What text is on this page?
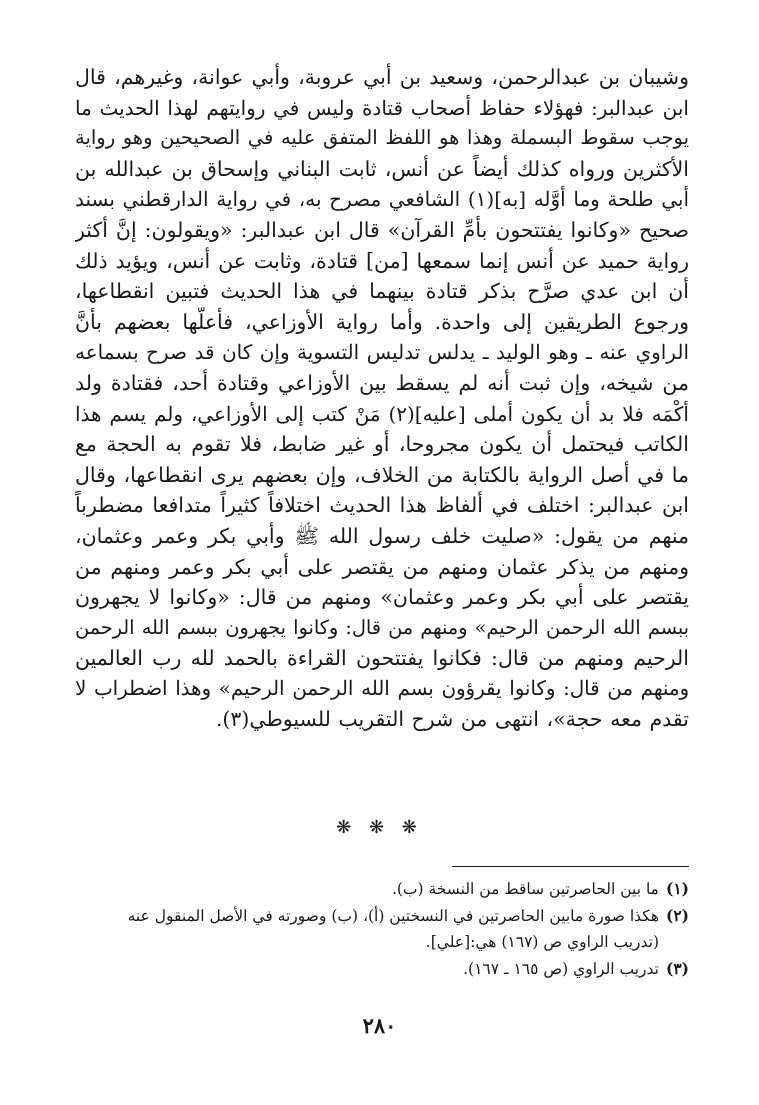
وشيبان بن عبدالرحمن، وسعيد بن أبي عروبة، وأبي عوانة، وغيرهم، قال
ابن عبدالبر: فهؤلاء حفاظ أصحاب قتادة وليس في روايتهم لهذا الحديث ما
يوجب سقوط البسملة وهذا هو اللفظ المتفق عليه في الصحيحين وهو رواية
الأكثرين ورواه كذلك أيضاً عن أنس، ثابت البناني وإسحاق بن عبدالله بن
أبي طلحة وما أوَّله [به](١) الشافعي مصرح به، في رواية الدارقطني بسند
صحيح «وكانوا يفتتحون بأمِّ القرآن» قال ابن عبدالبر: «ويقولون: إنَّ أكثر
رواية حميد عن أنس إنما سمعها [من] قتادة، وثابت عن أنس، ويؤيد ذلك
أن ابن عدي صرَّح بذكر قتادة بينهما في هذا الحديث فتبين انقطاعها،
ورجوع الطريقين إلى واحدة. وأما رواية الأوزاعي، فأعلَّها بعضهم بأنَّ
الراوي عنه ـ وهو الوليد ـ يدلس تدليس التسوية وإن كان قد صرح بسماعه
من شيخه، وإن ثبت أنه لم يسقط بين الأوزاعي وقتادة أحد، فقتادة ولد
أكْمَه فلا بد أن يكون أملى [عليه](٢) مَنْ كتب إلى الأوزاعي، ولم يسم هذا
الكاتب فيحتمل أن يكون مجروحا، أو غير ضابط، فلا تقوم به الحجة مع
ما في أصل الرواية بالكتابة من الخلاف، وإن بعضهم يرى انقطاعها، وقال
ابن عبدالبر: اختلف في ألفاظ هذا الحديث اختلافاً كثيراً متدافعا مضطرباً
منهم من يقول: «صليت خلف رسول الله ﷺ وأبي بكر وعمر وعثمان،
ومنهم من يذكر عثمان ومنهم من يقتصر على أبي بكر وعمر ومنهم من
يقتصر على أبي بكر وعمر وعثمان» ومنهم من قال: «وكانوا لا يجهرون
ببسم الله الرحمن الرحيم» ومنهم من قال: وكانوا يجهرون ببسم الله الرحمن
الرحيم ومنهم من قال: فكانوا يفتتحون القراءة بالحمد لله رب العالمين
ومنهم من قال: وكانوا يقرؤون بسم الله الرحمن الرحيم» وهذا اضطراب لا
تقدم معه حجة»، انتهى من شرح التقريب للسيوطي(٣).

❋ ❋ ❋
(١)
ما بين الحاصرتين ساقط من النسخة (ب).
(٢)
هكذا صورة مابين الحاصرتين في النسختين (أ)، (ب) وصورته في الأصل المنقول عنه
(تدريب الراوي ص (١٦٧) هي:[علي].
(٣)
تدريب الراوي (ص ١٦٥ ـ ١٦٧).
٢٨٠
